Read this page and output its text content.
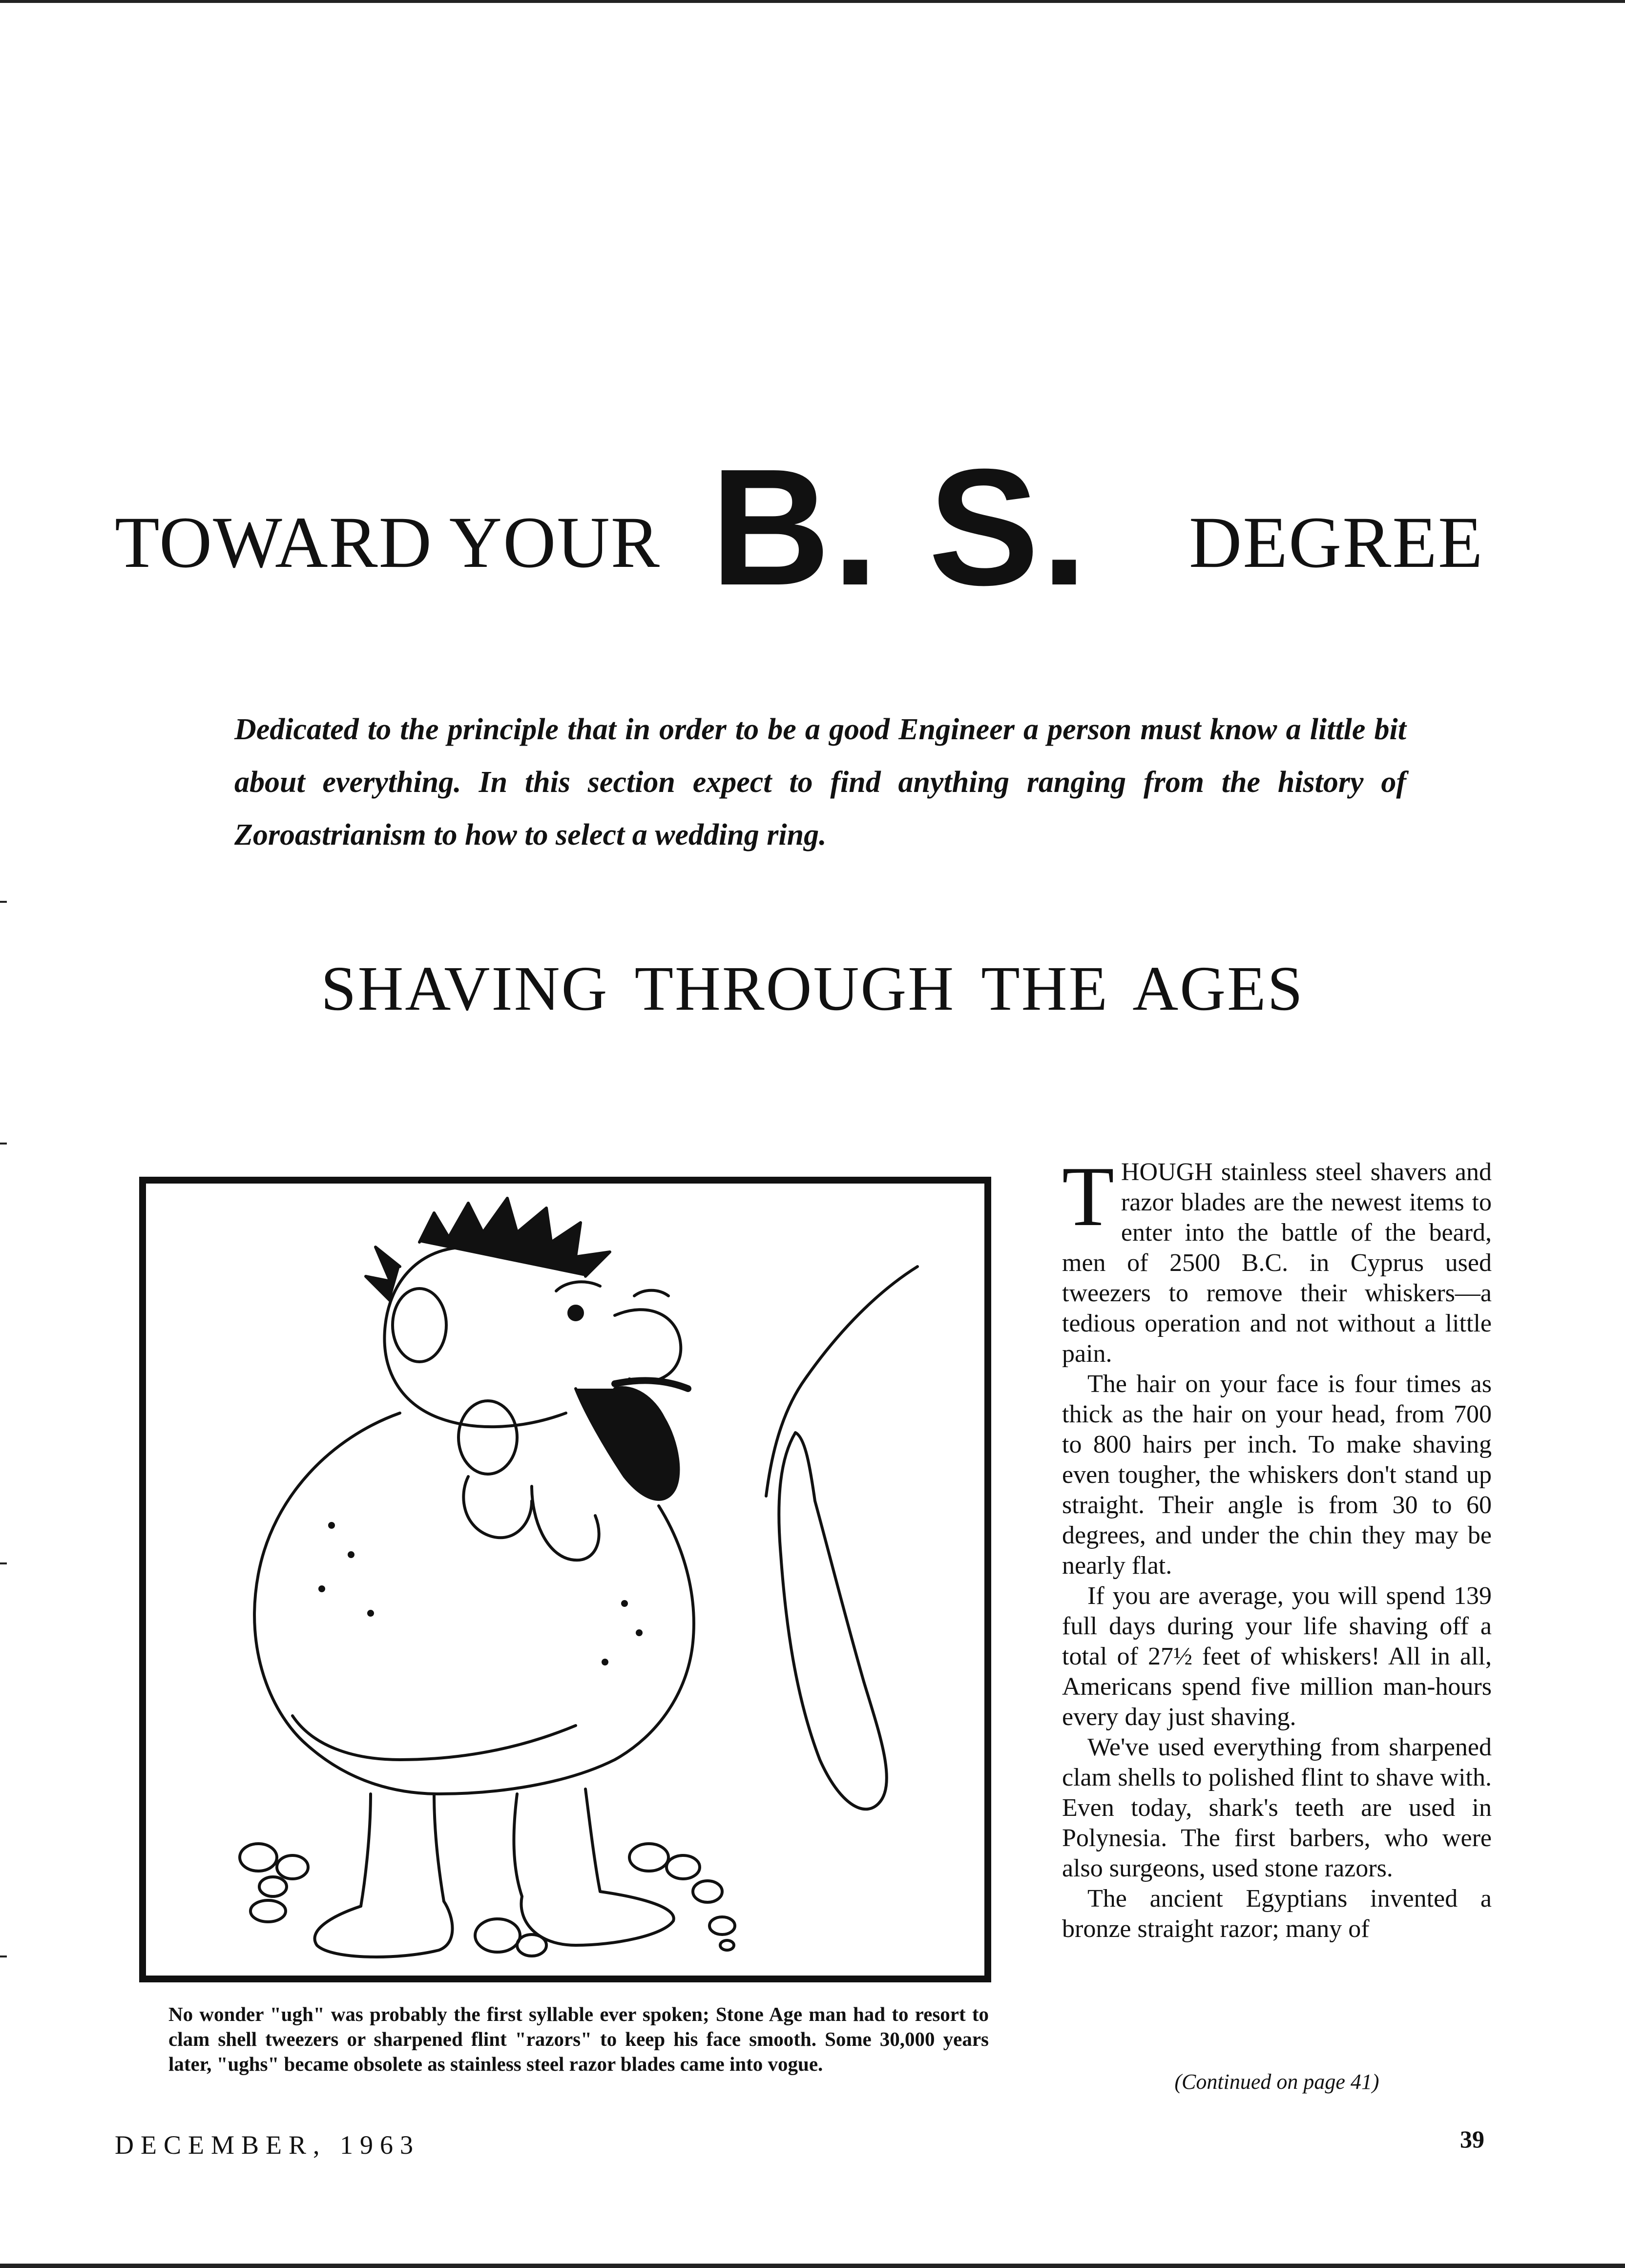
TOWARD YOUR B. S. DEGREE

Dedicated to the principle that in order to be a good Engineer a person must know a little bit about everything. In this section expect to find anything ranging from the history of Zoroastrianism to how to select a wedding ring.

SHAVING THROUGH THE AGES
No wonder "ugh" was probably the first syllable ever spoken; Stone Age man had to resort to clam shell tweezers or sharpened flint "razors" to keep his face smooth. Some 30,000 years later, "ughs" became obsolete as stainless steel razor blades came into vogue.

THOUGH stainless steel shavers and razor blades are the newest items to enter into the battle of the beard, men of 2500 B.C. in Cyprus used tweezers to remove their whiskers—a tedious operation and not without a little pain.

The hair on your face is four times as thick as the hair on your head, from 700 to 800 hairs per inch. To make shaving even tougher, the whiskers don't stand up straight. Their angle is from 30 to 60 degrees, and under the chin they may be nearly flat.

If you are average, you will spend 139 full days during your life shaving off a total of 27½ feet of whiskers! All in all, Americans spend five million man-hours every day just shaving.

We've used everything from sharpened clam shells to polished flint to shave with. Even today, shark's teeth are used in Polynesia. The first barbers, who were also surgeons, used stone razors.

The ancient Egyptians invented a bronze straight razor; many of

(Continued on page 41)
DECEMBER, 1963	39
